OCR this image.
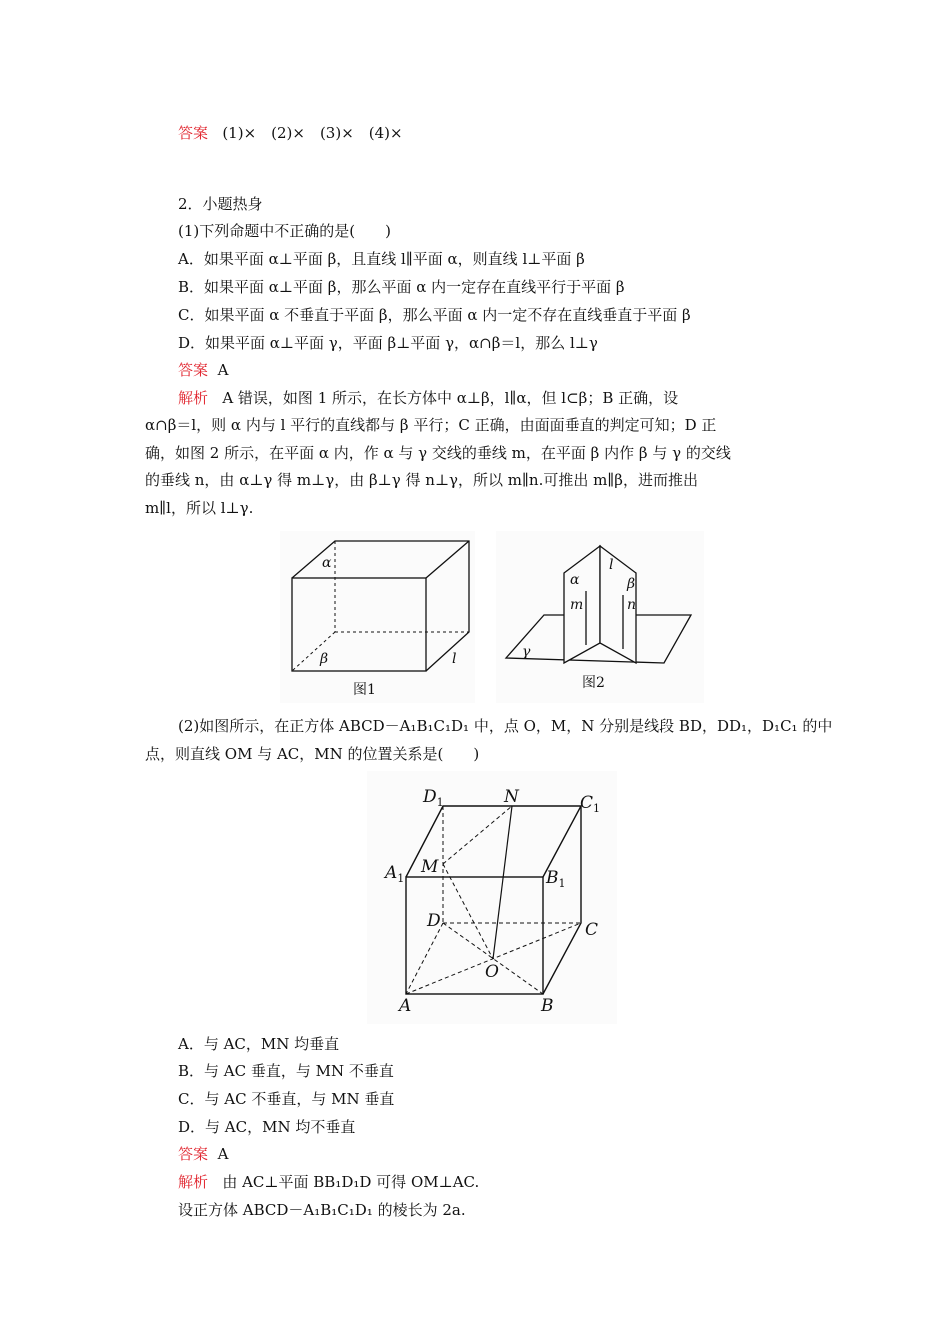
答案 (1)×　(2)×　(3)×　(4)×
2．小题热身
(1)下列命题中不正确的是(　　)
A．如果平面 α⊥平面 β，且直线 l∥平面 α，则直线 l⊥平面 β
B．如果平面 α⊥平面 β，那么平面 α 内一定存在直线平行于平面 β
C．如果平面 α 不垂直于平面 β，那么平面 α 内一定不存在直线垂直于平面 β
D．如果平面 α⊥平面 γ，平面 β⊥平面 γ，α∩β＝l，那么 l⊥γ
答案 A
解析 A 错误，如图 1 所示，在长方体中 α⊥β，l∥α，但 l⊂β；B 正确，设
α∩β＝l，则 α 内与 l 平行的直线都与 β 平行；C 正确，由面面垂直的判定可知；D 正
确，如图 2 所示，在平面 α 内，作 α 与 γ 交线的垂线 m，在平面 β 内作 β 与 γ 的交线
的垂线 n，由 α⊥γ 得 m⊥γ，由 β⊥γ 得 n⊥γ，所以 m∥n.可推出 m∥β，进而推出
m∥l，所以 l⊥γ.
α
β	l
图1
α
l
β
m	n
γ
图2
(2)如图所示，在正方体 ABCD－A₁B₁C₁D₁ 中，点 O，M，N 分别是线段 BD，DD₁，D₁C₁ 的中
点，则直线 OM 与 AC，MN 的位置关系是(　　)
$D_1$	N	$C_1$
$A_1$
M
$B_1$
D	C
O
A	B
A．与 AC，MN 均垂直
B．与 AC 垂直，与 MN 不垂直
C．与 AC 不垂直，与 MN 垂直
D．与 AC，MN 均不垂直
答案 A
解析 由 AC⊥平面 BB₁D₁D 可得 OM⊥AC.
设正方体 ABCD－A₁B₁C₁D₁ 的棱长为 2a.
